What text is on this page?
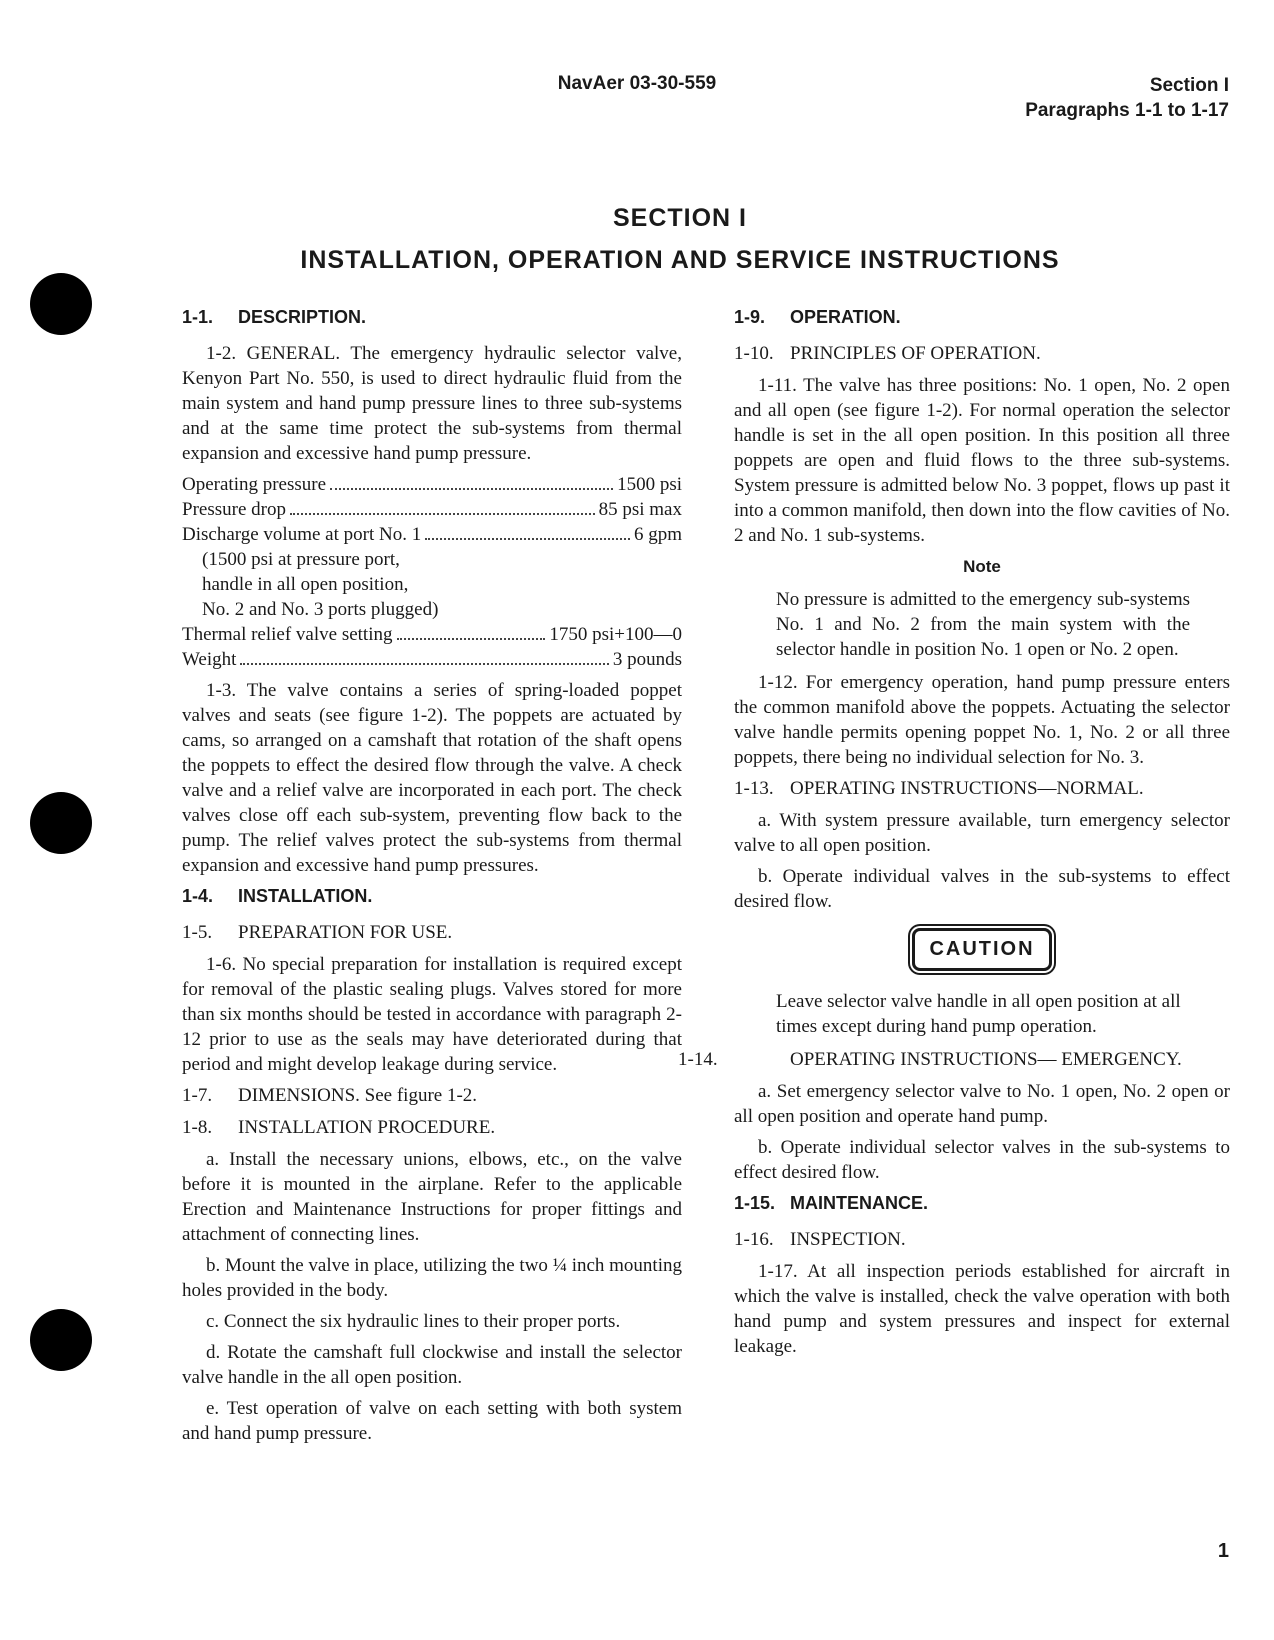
NavAer 03-30-559	Section I
Paragraphs 1-1 to 1-17
SECTION I
INSTALLATION, OPERATION AND SERVICE INSTRUCTIONS
1-1. DESCRIPTION.

1-2. GENERAL. The emergency hydraulic selector valve, Kenyon Part No. 550, is used to direct hydraulic fluid from the main system and hand pump pressure lines to three sub-systems and at the same time protect the sub-systems from thermal expansion and excessive hand pump pressure.

Operating pressure	1500 psi
Pressure drop	85 psi max
Discharge volume at port No. 1	6 gpm
(1500 psi at pressure port,
handle in all open position,
No. 2 and No. 3 ports plugged)
Thermal relief valve setting	1750 psi+100—0
Weight	3 pounds

1-3. The valve contains a series of spring-loaded poppet valves and seats (see figure 1-2). The poppets are actuated by cams, so arranged on a camshaft that rotation of the shaft opens the poppets to effect the desired flow through the valve. A check valve and a relief valve are incorporated in each port. The check valves close off each sub-system, preventing flow back to the pump. The relief valves protect the sub-systems from thermal expansion and excessive hand pump pressures.

1-4. INSTALLATION.
1-5. PREPARATION FOR USE.

1-6. No special preparation for installation is required except for removal of the plastic sealing plugs. Valves stored for more than six months should be tested in accordance with paragraph 2-12 prior to use as the seals may have deteriorated during that period and might develop leakage during service.

1-7. DIMENSIONS. See figure 1-2.
1-8. INSTALLATION PROCEDURE.

a. Install the necessary unions, elbows, etc., on the valve before it is mounted in the airplane. Refer to the applicable Erection and Maintenance Instructions for proper fittings and attachment of connecting lines.

b. Mount the valve in place, utilizing the two ¼ inch mounting holes provided in the body.

c. Connect the six hydraulic lines to their proper ports.

d. Rotate the camshaft full clockwise and install the selector valve handle in the all open position.

e. Test operation of valve on each setting with both system and hand pump pressure.

1-9. OPERATION.
1-10. PRINCIPLES OF OPERATION.

1-11. The valve has three positions: No. 1 open, No. 2 open and all open (see figure 1-2). For normal operation the selector handle is set in the all open position. In this position all three poppets are open and fluid flows to the three sub-systems. System pressure is admitted below No. 3 poppet, flows up past it into a common manifold, then down into the flow cavities of No. 2 and No. 1 sub-systems.

Note

No pressure is admitted to the emergency sub-systems No. 1 and No. 2 from the main system with the selector handle in position No. 1 open or No. 2 open.

1-12. For emergency operation, hand pump pressure enters the common manifold above the poppets. Actuating the selector valve handle permits opening poppet No. 1, No. 2 or all three poppets, there being no individual selection for No. 3.

1-13. OPERATING INSTRUCTIONS—NORMAL.

a. With system pressure available, turn emergency selector valve to all open position.

b. Operate individual valves in the sub-systems to effect desired flow.

CAUTION

Leave selector valve handle in all open position at all times except during hand pump operation.

1-14.	OPERATING INSTRUCTIONS— EMERGENCY.

a. Set emergency selector valve to No. 1 open, No. 2 open or all open position and operate hand pump.

b. Operate individual selector valves in the sub-systems to effect desired flow.

1-15. MAINTENANCE.
1-16. INSPECTION.

1-17. At all inspection periods established for aircraft in which the valve is installed, check the valve operation with both hand pump and system pressures and inspect for external leakage.

1
